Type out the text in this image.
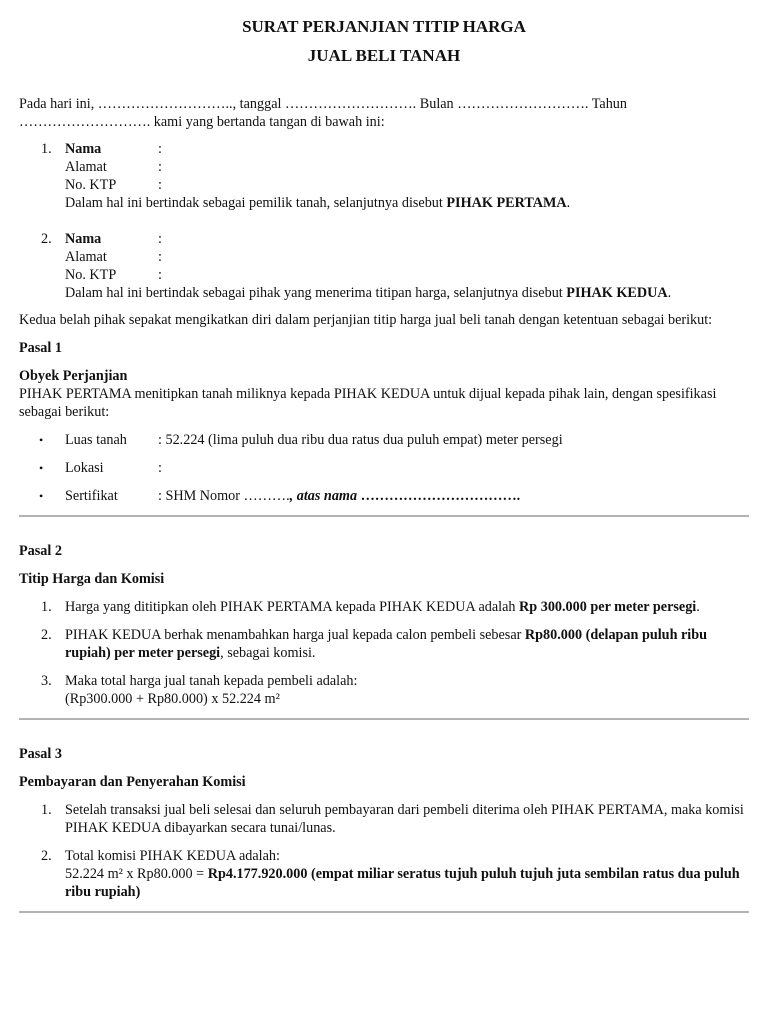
SURAT PERJANJIAN TITIP HARGA

JUAL BELI TANAH

Pada hari ini, ……………………….., tanggal ………………………. Bulan ………………………. Tahun
………………………. kami yang bertanda tangan di bawah ini:

1. Nama	:
Alamat	:
No. KTP	:
Dalam hal ini bertindak sebagai pemilik tanah, selanjutnya disebut PIHAK PERTAMA.
2. Nama	:
Alamat	:
No. KTP	:
Dalam hal ini bertindak sebagai pihak yang menerima titipan harga, selanjutnya disebut PIHAK KEDUA.

Kedua belah pihak sepakat mengikatkan diri dalam perjanjian titip harga jual beli tanah dengan ketentuan sebagai berikut:

Pasal 1

Obyek Perjanjian

PIHAK PERTAMA menitipkan tanah miliknya kepada PIHAK KEDUA untuk dijual kepada pihak lain, dengan spesifikasi sebagai berikut:

• Luas tanah	: 52.224 (lima puluh dua ribu dua ratus dua puluh empat) meter persegi
• Lokasi	:
• Sertifikat	: SHM Nomor ………., atas nama …………………………….

Pasal 2

Titip Harga dan Komisi

1. Harga yang dititipkan oleh PIHAK PERTAMA kepada PIHAK KEDUA adalah Rp 300.000 per meter persegi.
2. PIHAK KEDUA berhak menambahkan harga jual kepada calon pembeli sebesar Rp80.000 (delapan puluh ribu rupiah) per meter persegi, sebagai komisi.
3. Maka total harga jual tanah kepada pembeli adalah:
(Rp300.000 + Rp80.000) x 52.224 m²

Pasal 3

Pembayaran dan Penyerahan Komisi

1. Setelah transaksi jual beli selesai dan seluruh pembayaran dari pembeli diterima oleh PIHAK PERTAMA, maka komisi PIHAK KEDUA dibayarkan secara tunai/lunas.
2. Total komisi PIHAK KEDUA adalah:
52.224 m² x Rp80.000 = Rp4.177.920.000 (empat miliar seratus tujuh puluh tujuh juta sembilan ratus dua puluh ribu rupiah)
